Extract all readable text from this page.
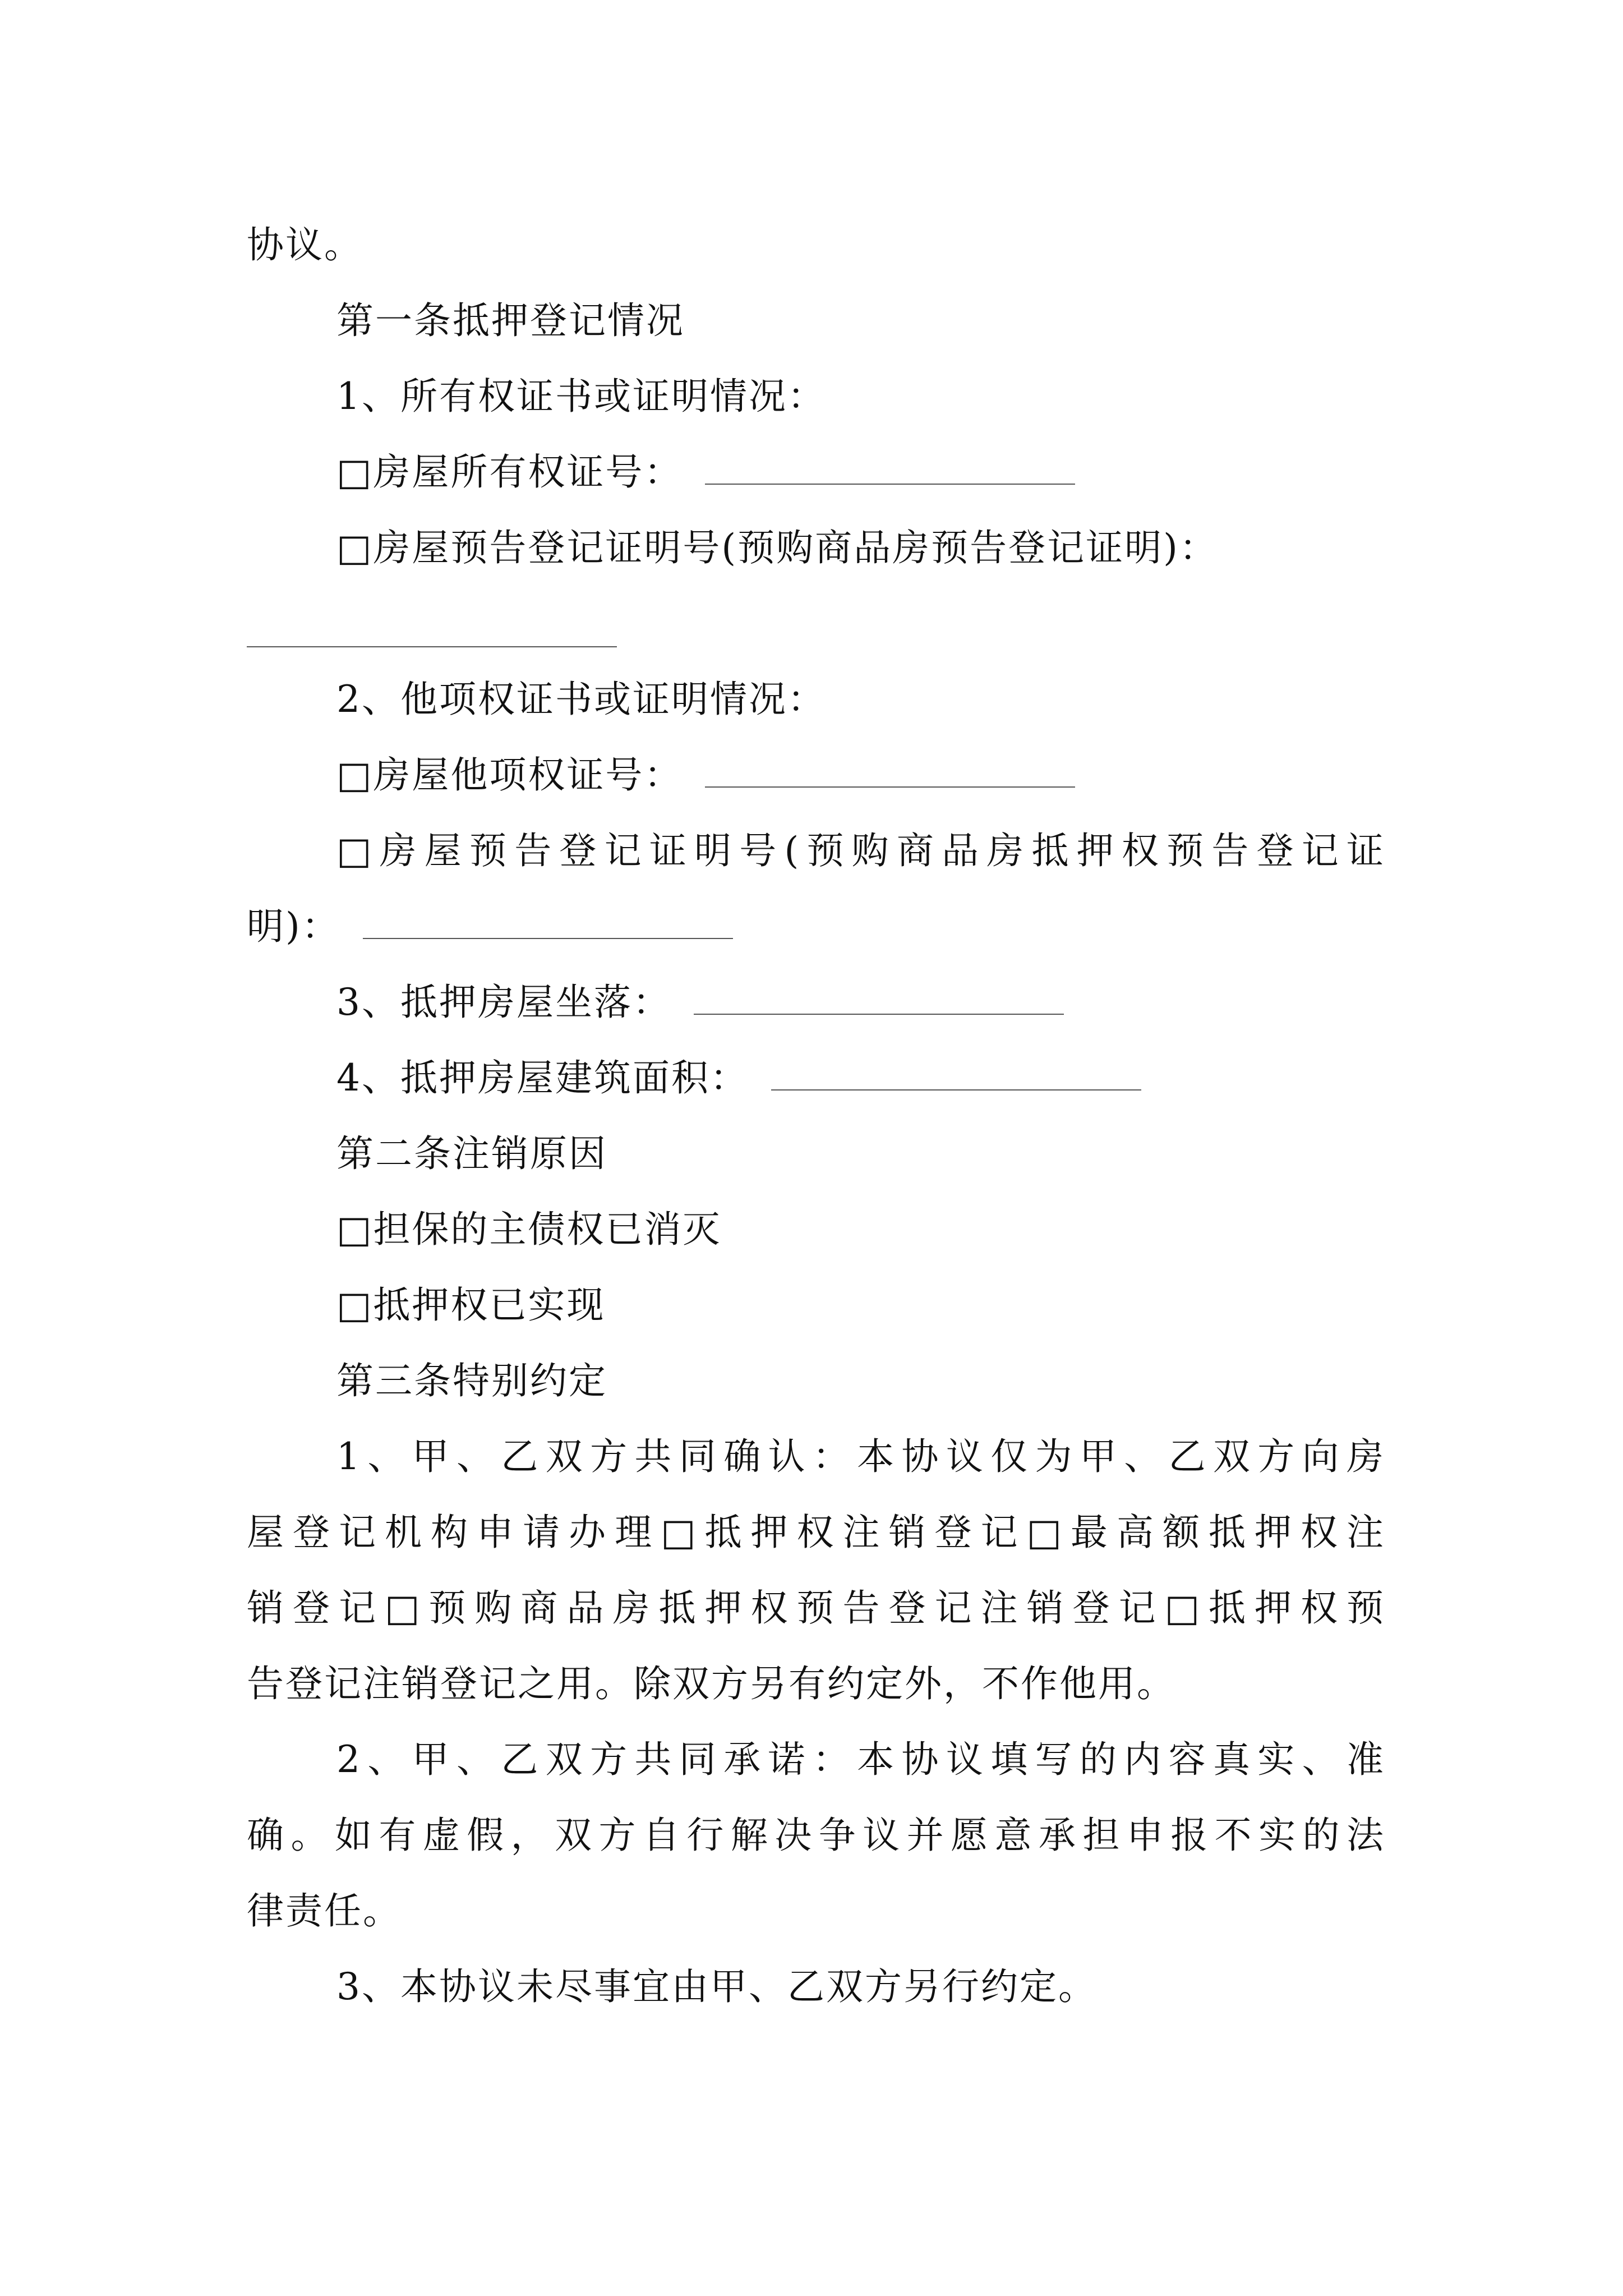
协议。
第一条抵押登记情况
1、所有权证书或证明情况：
□房屋所有权证号：
□房屋预告登记证明号(预购商品房预告登记证明)：
2、他项权证书或证明情况：
□房屋他项权证号：
□房屋预告登记证明号(预购商品房抵押权预告登记证
明)：
3、抵押房屋坐落：
4、抵押房屋建筑面积：
第二条注销原因
□担保的主债权已消灭
□抵押权已实现
第三条特别约定
1、甲、乙双方共同确认：本协议仅为甲、乙双方向房
屋登记机构申请办理□抵押权注销登记□最高额抵押权注
销登记□预购商品房抵押权预告登记注销登记□抵押权预
告登记注销登记之用。除双方另有约定外，不作他用。
2、甲、乙双方共同承诺：本协议填写的内容真实、准
确。如有虚假，双方自行解决争议并愿意承担申报不实的法
律责任。
3、本协议未尽事宜由甲、乙双方另行约定。
